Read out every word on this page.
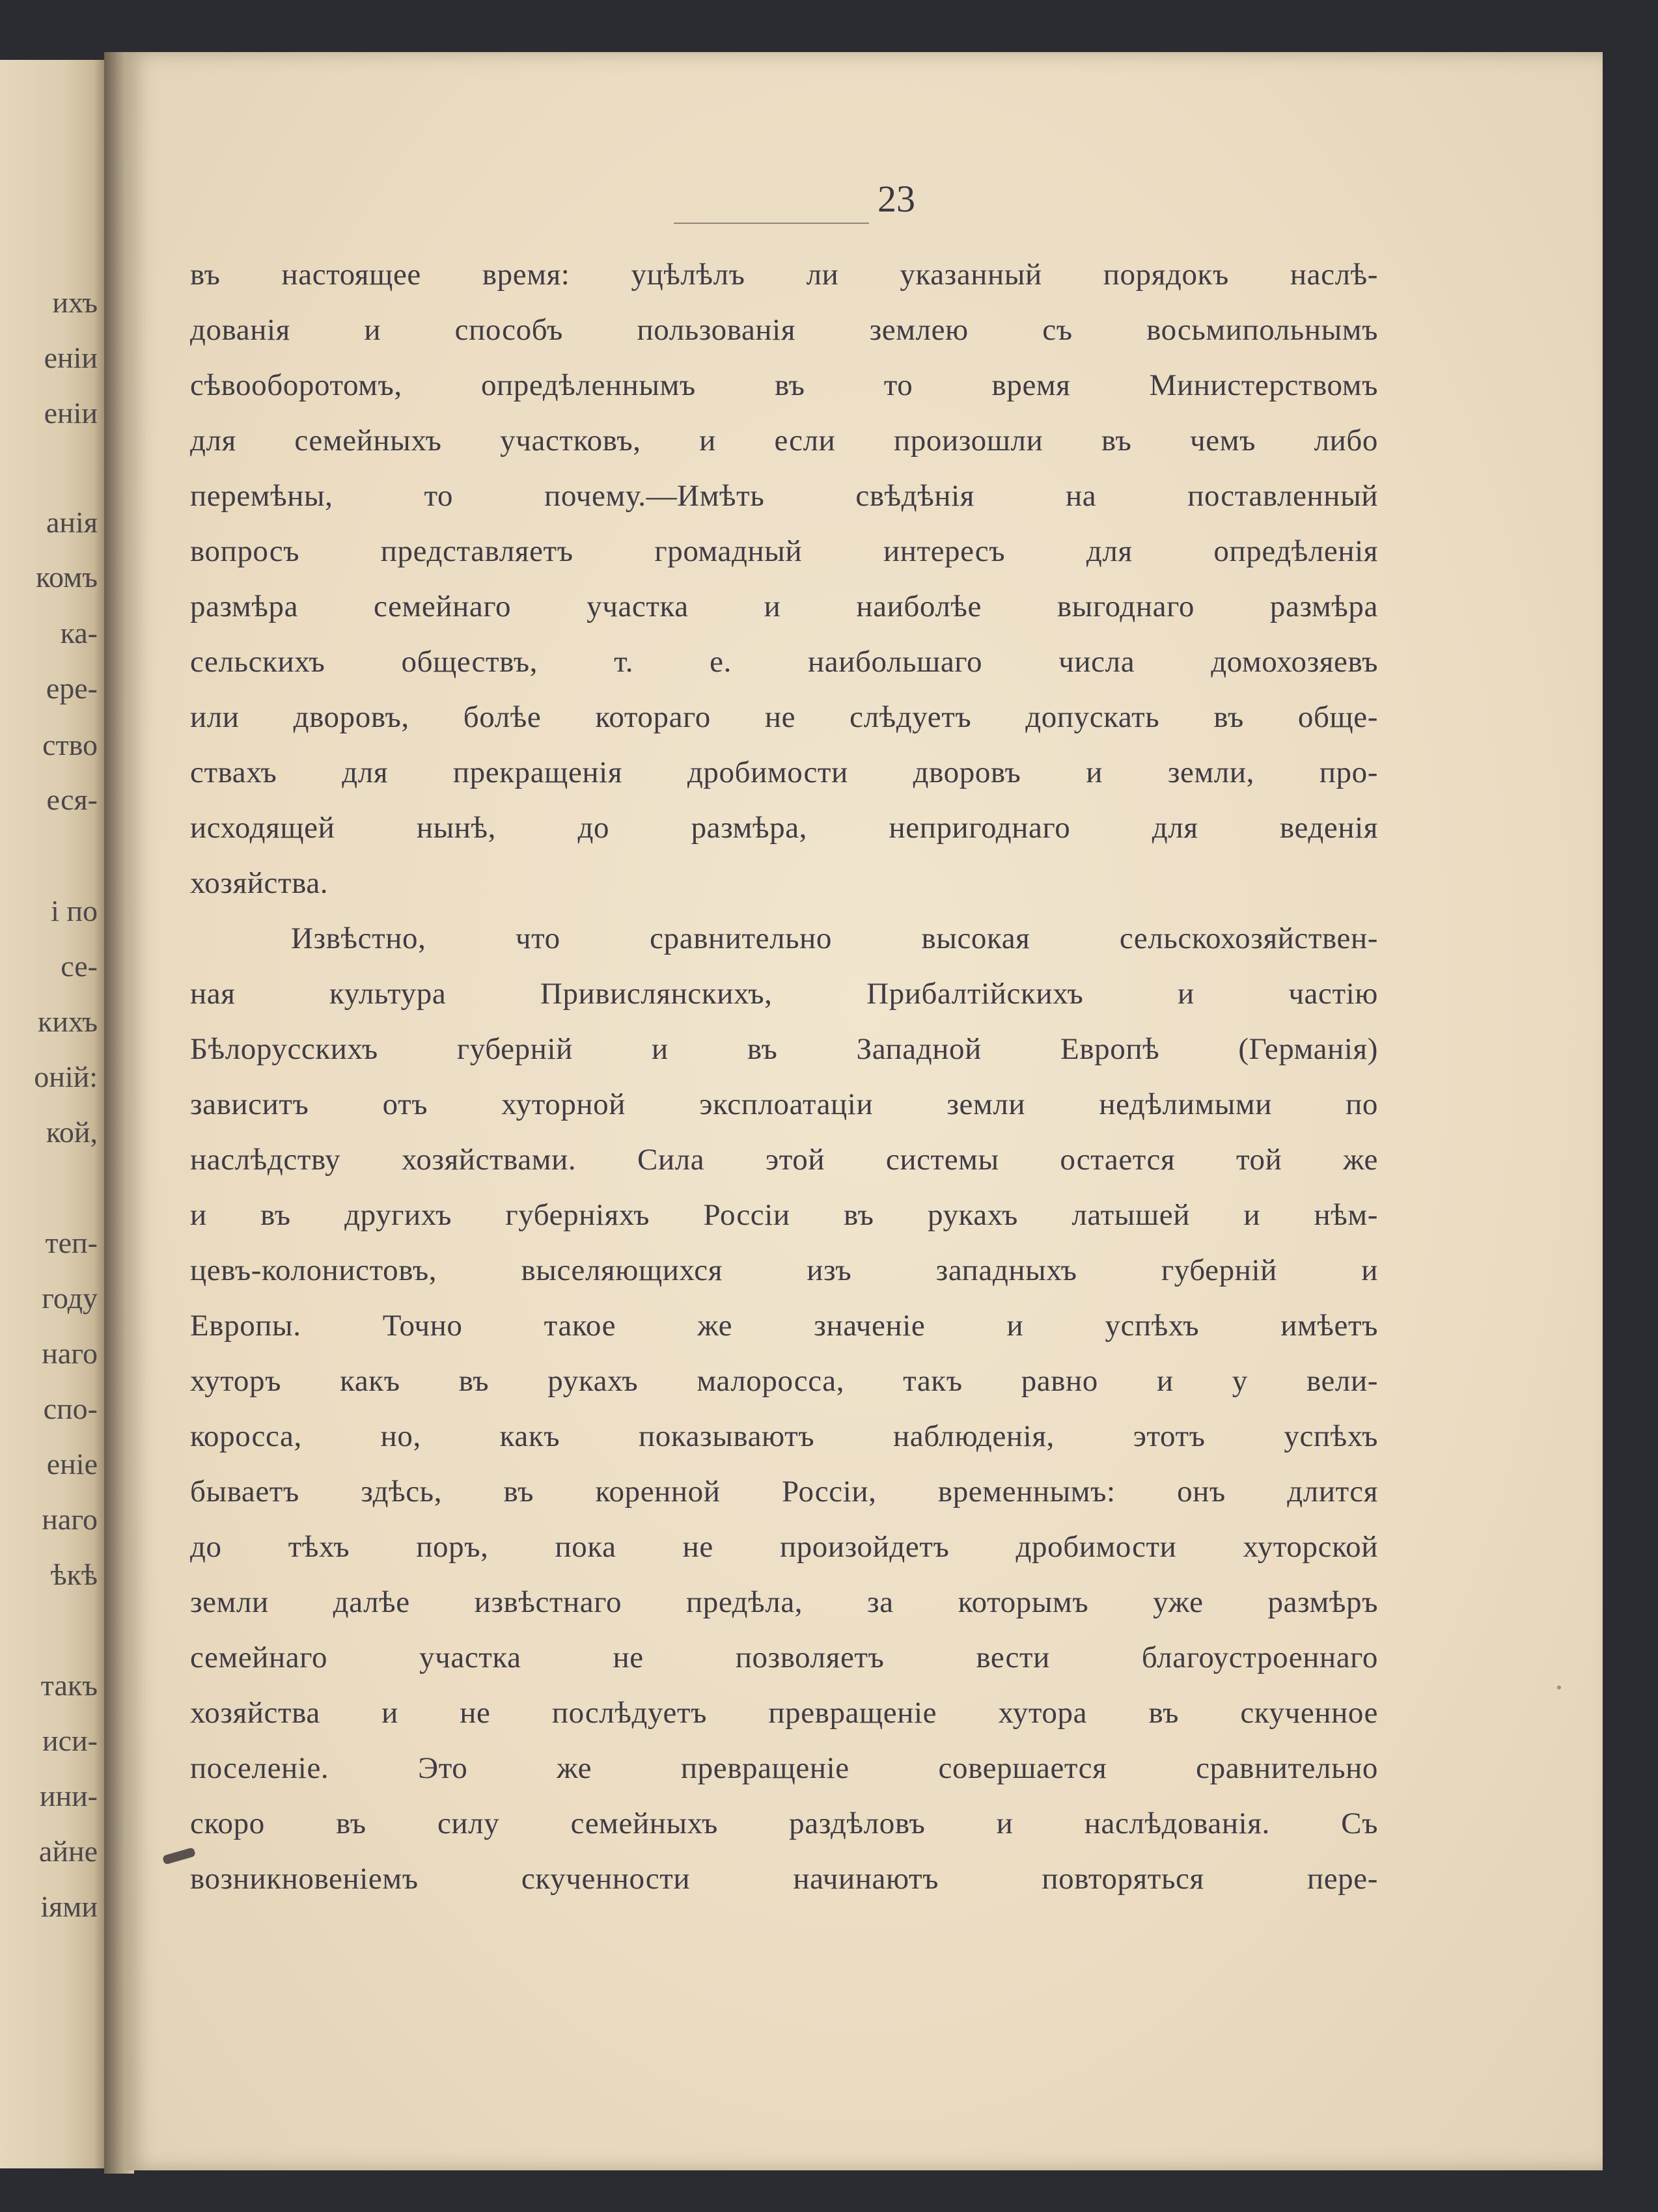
ихъ
еніи
еніи
анія
комъ
ка-
ере-
ство
еся-
і по
се-
кихъ
оній:
кой,
теп-
году
наго
спо-
еніе
наго
ѣкѣ
такъ
иси-
ини-
айне
іями
23
въ настоящее время: уцѣлѣлъ ли указанный порядокъ наслѣ-
дованія и способъ пользованія землею съ восьмипольнымъ
сѣвооборотомъ, опредѣленнымъ въ то время Министерствомъ
для семейныхъ участковъ, и если произошли въ чемъ либо
перемѣны, то почему.—Имѣть свѣдѣнія на поставленный
вопросъ представляетъ громадный интересъ для опредѣленія
размѣра семейнаго участка и наиболѣе выгоднаго размѣра
сельскихъ обществъ, т. е. наибольшаго числа домохозяевъ
или дворовъ, болѣе котораго не слѣдуетъ допускать въ обще-
ствахъ для прекращенія дробимости дворовъ и земли, про-
исходящей нынѣ, до размѣра, непригоднаго для веденія
хозяйства.
Извѣстно, что сравнительно высокая сельскохозяйствен-
ная культура Привислянскихъ, Прибалтійскихъ и частію
Бѣлорусскихъ губерній и въ Западной Европѣ (Германія)
зависитъ отъ хуторной эксплоатаціи земли недѣлимыми по
наслѣдству хозяйствами. Сила этой системы остается той же
и въ другихъ губерніяхъ Россіи въ рукахъ латышей и нѣм-
цевъ-колонистовъ, выселяющихся изъ западныхъ губерній и
Европы. Точно такое же значеніе и успѣхъ имѣетъ
хуторъ какъ въ рукахъ малоросса, такъ равно и у вели-
коросса, но, какъ показываютъ наблюденія, этотъ успѣхъ
бываетъ здѣсь, въ коренной Россіи, временнымъ: онъ длится
до тѣхъ поръ, пока не произойдетъ дробимости хуторской
земли далѣе извѣстнаго предѣла, за которымъ уже размѣръ
семейнаго участка не позволяетъ вести благоустроеннаго
хозяйства и не послѣдуетъ превращеніе хутора въ скученное
поселеніе. Это же превращеніе совершается сравнительно
скоро въ силу семейныхъ раздѣловъ и наслѣдованія. Съ
возникновеніемъ скученности начинаютъ повторяться пере-
